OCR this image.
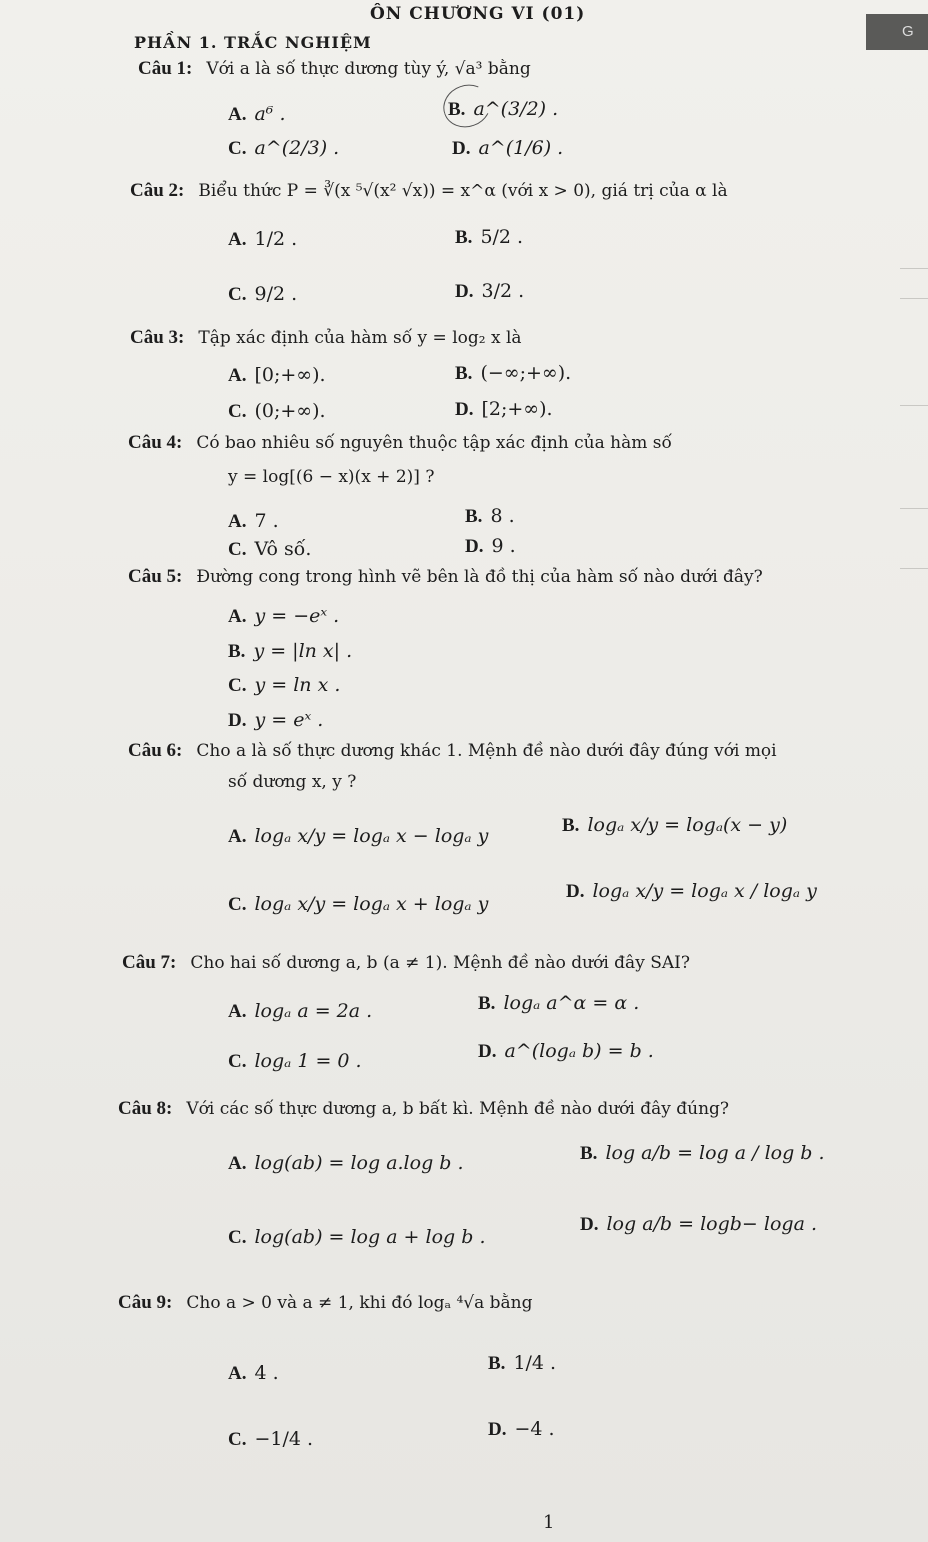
ÔN CHƯƠNG VI (01)
PHẦN 1. TRẮC NGHIỆM
G
Câu 1: Với a là số thực dương tùy ý, √a³ bằng
A. a⁶ .	B. a^(3/2) .
C. a^(2/3) .	D. a^(1/6) .
Câu 2: Biểu thức P = ∛(x ⁵√(x² √x)) = x^α (với x > 0), giá trị của α là
A. 1/2 .	B. 5/2 .
C. 9/2 .	D. 3/2 .
Câu 3: Tập xác định của hàm số y = log₂ x là
A. [0;+∞).	B. (−∞;+∞).
C. (0;+∞).	D. [2;+∞).
Câu 4: Có bao nhiêu số nguyên thuộc tập xác định của hàm số
y = log[(6 − x)(x + 2)] ?
A. 7 .	B. 8 .
C. Vô số.	D. 9 .
Câu 5: Đường cong trong hình vẽ bên là đồ thị của hàm số nào dưới đây?
A. y = −eˣ .
B. y = |ln x| .
C. y = ln x .
D. y = eˣ .
Câu 6: Cho a là số thực dương khác 1. Mệnh đề nào dưới đây đúng với mọi
số dương x, y ?
A. logₐ x/y = logₐ x − logₐ y	B. logₐ x/y = logₐ(x − y)
C. logₐ x/y = logₐ x + logₐ y
D. logₐ x/y = logₐ x / logₐ y
Câu 7: Cho hai số dương a, b (a ≠ 1). Mệnh đề nào dưới đây SAI?
A. logₐ a = 2a .	B. logₐ a^α = α .
C. logₐ 1 = 0 .	D. a^(logₐ b) = b .
Câu 8: Với các số thực dương a, b bất kì. Mệnh đề nào dưới đây đúng?
A. log(ab) = log a.log b .	B. log a/b = log a / log b .
C. log(ab) = log a + log b .
D. log a/b = logb− loga .
Câu 9: Cho a > 0 và a ≠ 1, khi đó logₐ ⁴√a bằng
A. 4 .	B. 1/4 .
C. −1/4 .	D. −4 .
1
